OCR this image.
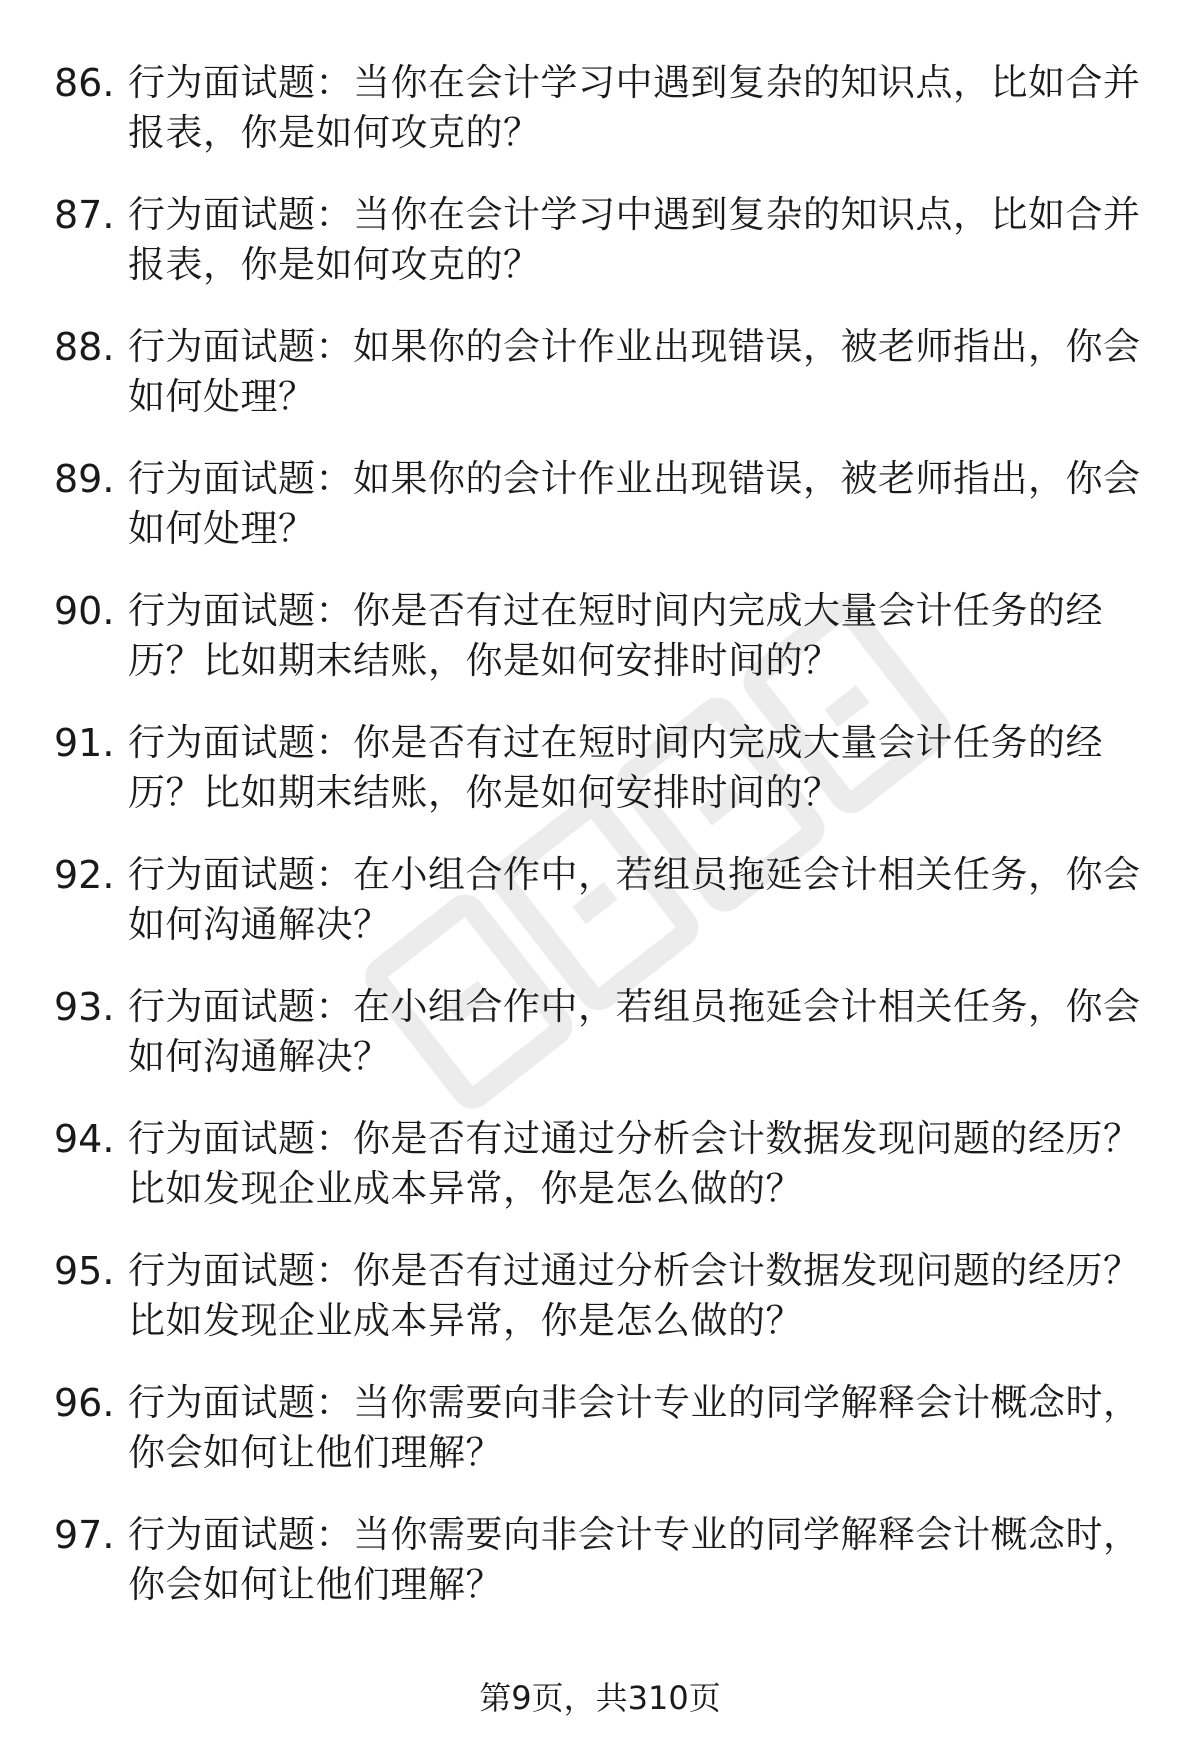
86. 行为面试题：当你在会计学习中遇到复杂的知识点，比如合并报表，你是如何攻克的？
87. 行为面试题：当你在会计学习中遇到复杂的知识点，比如合并报表，你是如何攻克的？
88. 行为面试题：如果你的会计作业出现错误，被老师指出，你会如何处理？
89. 行为面试题：如果你的会计作业出现错误，被老师指出，你会如何处理？
90. 行为面试题：你是否有过在短时间内完成大量会计任务的经历？比如期末结账，你是如何安排时间的？
91. 行为面试题：你是否有过在短时间内完成大量会计任务的经历？比如期末结账，你是如何安排时间的？
92. 行为面试题：在小组合作中，若组员拖延会计相关任务，你会如何沟通解决？
93. 行为面试题：在小组合作中，若组员拖延会计相关任务，你会如何沟通解决？
94. 行为面试题：你是否有过通过分析会计数据发现问题的经历？比如发现企业成本异常，你是怎么做的？
95. 行为面试题：你是否有过通过分析会计数据发现问题的经历？比如发现企业成本异常，你是怎么做的？
96. 行为面试题：当你需要向非会计专业的同学解释会计概念时，你会如何让他们理解？
97. 行为面试题：当你需要向非会计专业的同学解释会计概念时，你会如何让他们理解？
第9页，共310页
